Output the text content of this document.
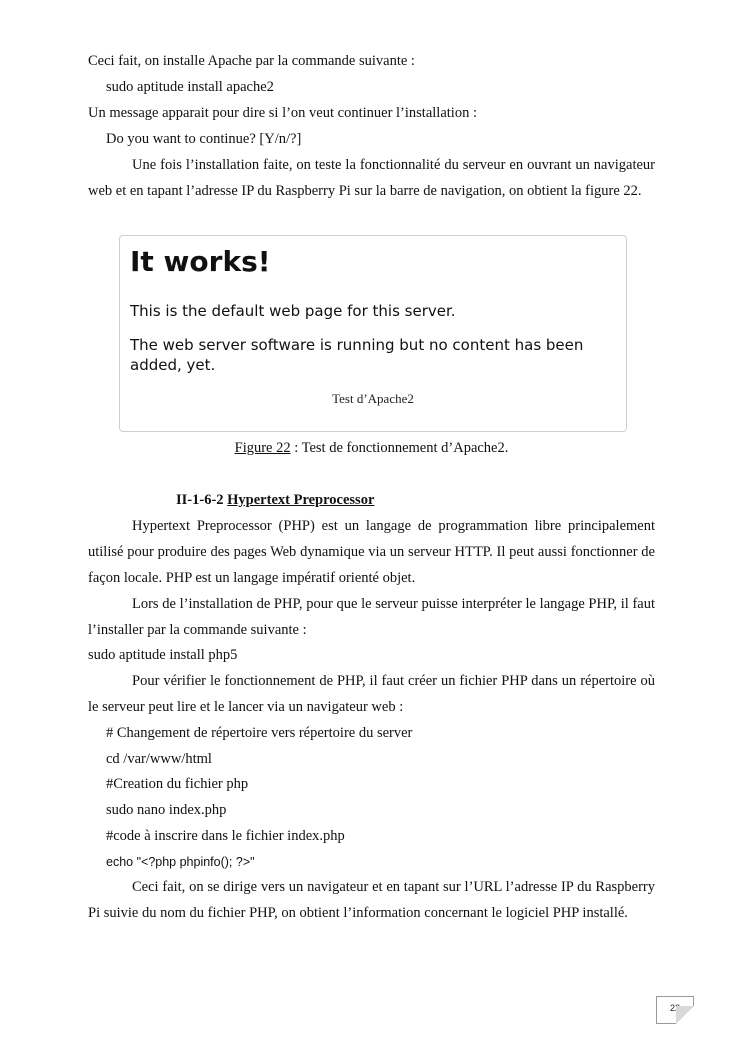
Ceci fait, on installe Apache par la commande suivante :
sudo aptitude install apache2
Un message apparait pour dire si l’on veut continuer l’installation :
Do you want to continue? [Y/n/?]
Une fois l’installation faite, on teste la fonctionnalité du serveur en ouvrant un navigateur web et en tapant l’adresse IP du Raspberry Pi sur la barre de navigation, on obtient la figure 22.
It works!
This is the default web page for this server.
The web server software is running but no content has been added, yet.
Test d’Apache2
Figure 22 : Test de fonctionnement d’Apache2.
II-1-6-2 Hypertext Preprocessor
Hypertext Preprocessor (PHP) est un langage de programmation libre principalement utilisé pour produire des pages Web dynamique via un serveur HTTP. Il peut aussi fonctionner de façon locale. PHP est un langage impératif orienté objet.
Lors de l’installation de PHP, pour que le serveur puisse interpréter le langage PHP, il faut l’installer par la commande suivante :
sudo aptitude install php5
Pour vérifier le fonctionnement de PHP, il faut créer un fichier PHP dans un répertoire où le serveur peut lire et le lancer via un navigateur web :
# Changement de répertoire vers répertoire du server
cd /var/www/html
#Creation du fichier php
sudo nano index.php
#code à inscrire dans le fichier index.php
echo "<?php phpinfo(); ?>"
Ceci fait, on se dirige vers un navigateur et en tapant sur l’URL l’adresse IP du Raspberry Pi suivie du nom du fichier PHP, on obtient l’information concernant le logiciel PHP installé.
22
